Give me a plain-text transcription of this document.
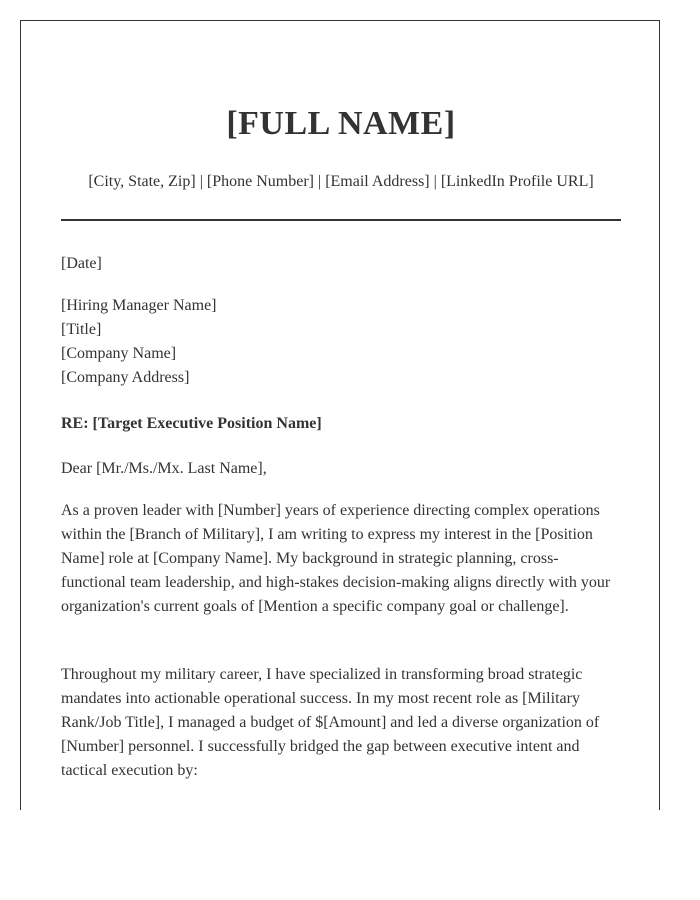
[FULL NAME]
[City, State, Zip] | [Phone Number] | [Email Address] | [LinkedIn Profile URL]
[Date]
[Hiring Manager Name]
[Title]
[Company Name]
[Company Address]
RE: [Target Executive Position Name]
Dear [Mr./Ms./Mx. Last Name],

As a proven leader with [Number] years of experience directing complex operations within the [Branch of Military], I am writing to express my interest in the [Position Name] role at [Company Name]. My background in strategic planning, cross-functional team leadership, and high-stakes decision-making aligns directly with your organization's current goals of [Mention a specific company goal or challenge].

Throughout my military career, I have specialized in transforming broad strategic mandates into actionable operational success. In my most recent role as [Military Rank/Job Title], I managed a budget of $[Amount] and led a diverse organization of [Number] personnel. I successfully bridged the gap between executive intent and tactical execution by:
